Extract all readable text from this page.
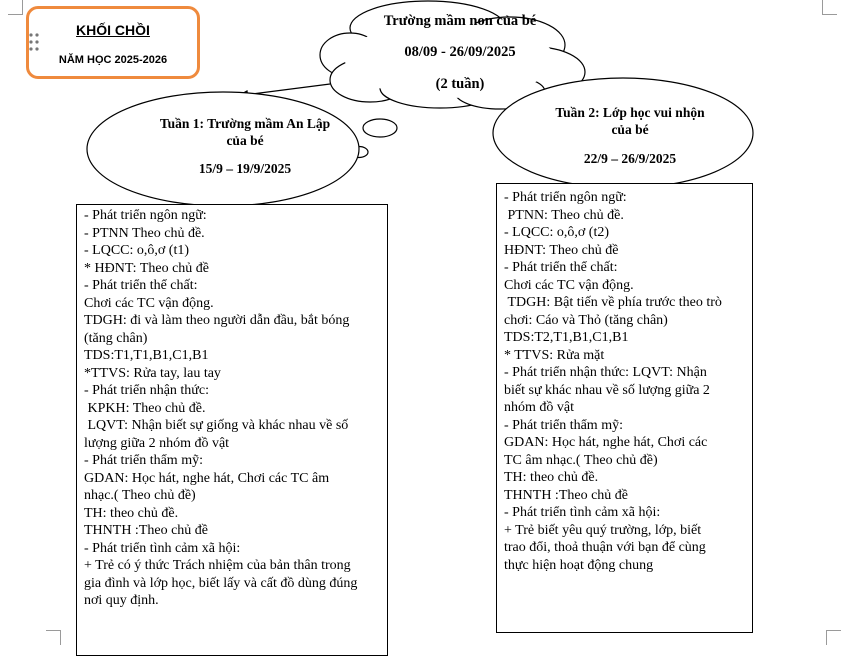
KHỐI CHỒI
NĂM HỌC 2025-2026
Trường mầm non của bé
08/09 - 26/09/2025
(2 tuần)
Tuần 1: Trường mầm An Lập
của bé
15/9 – 19/9/2025
Tuần 2: Lớp học vui nhộn
của bé
22/9 – 26/9/2025
- Phát triển ngôn ngữ:
- PTNN Theo chủ đề.
- LQCC: o,ô,ơ (t1)
* HĐNT: Theo chủ đề
- Phát triển thể chất:
Chơi các TC vận động.
TDGH: đi và làm theo người dẫn đầu, bắt bóng
(tăng chân)
TDS:T1,T1,B1,C1,B1
*TTVS: Rửa tay, lau tay
- Phát triển nhận thức:
KPKH: Theo chủ đề.
LQVT: Nhận biết sự giống và khác nhau về số
lượng giữa 2 nhóm đồ vật
- Phát triển thẩm mỹ:
GDAN: Học hát, nghe hát, Chơi các TC âm
nhạc.( Theo chủ đề)
TH: theo chủ đề.
THNTH :Theo chủ đề
- Phát triển tình cảm xã hội:
+ Trẻ có ý thức Trách nhiệm của bản thân trong
gia đình và lớp học, biết lấy và cất đồ dùng đúng
nơi quy định.
- Phát triển ngôn ngữ:
PTNN: Theo chủ đề.
- LQCC: o,ô,ơ (t2)
HĐNT: Theo chủ đề
- Phát triển thể chất:
Chơi các TC vận động.
TDGH: Bật tiến về phía trước theo trò
chơi: Cáo và Thỏ (tăng chân)
TDS:T2,T1,B1,C1,B1
* TTVS: Rửa mặt
- Phát triển nhận thức: LQVT: Nhận
biết sự khác nhau về số lượng giữa 2
nhóm đồ vật
- Phát triển thẩm mỹ:
GDAN: Học hát, nghe hát, Chơi các
TC âm nhạc.( Theo chủ đề)
TH: theo chủ đề.
THNTH :Theo chủ đề
- Phát triển tình cảm xã hội:
+ Trẻ biết yêu quý trường, lớp, biết
trao đổi, thoả thuận với bạn để cùng
thực hiện hoạt động chung
